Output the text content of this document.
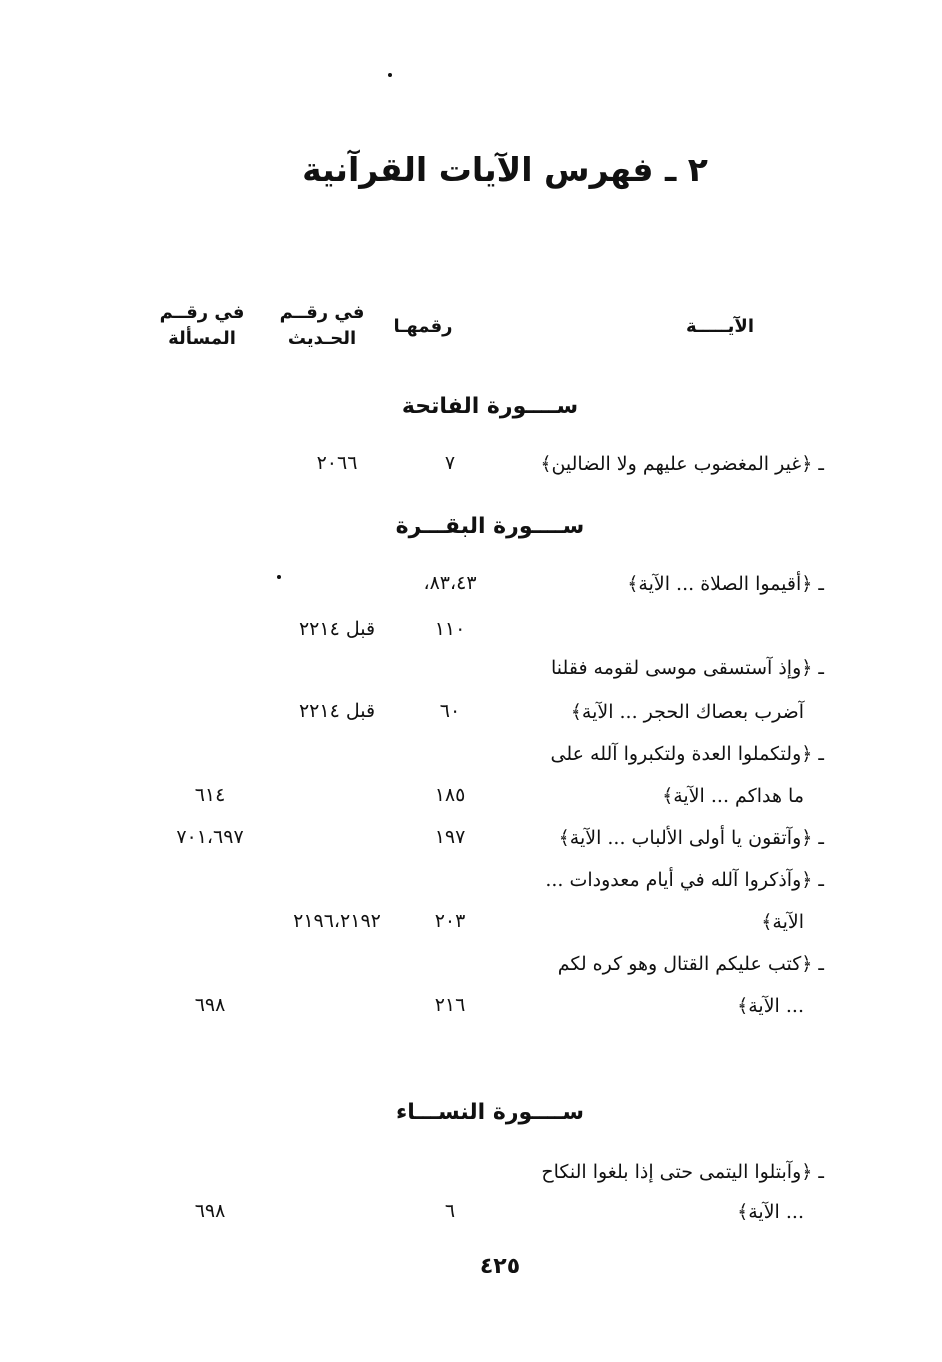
٢ ـ فهرس الآيات القرآنية
الآيـــــة
رقمهـا
في رقــم الحـديث
في رقــم المسألة
ســــورة الفاتحة
ـ ﴿غير المغضوب عليهم ولا الضالين﴾
٧
٢٠٦٦
ســــورة البقـــرة
ـ ﴿أقيموا الصلاة ... الآية﴾
٨٣،٤٣،
١١٠
قبل ٢٢١٤
ـ ﴿وإذ آستسقى موسى لقومه فقلنا
آضرب بعصاك الحجر ... الآية﴾
٦٠
قبل ٢٢١٤
ـ ﴿ولتكملوا العدة ولتكبروا آلله على
ما هداكم ... الآية﴾
١٨٥
٦١٤
ـ ﴿وآتقون يا أولى الألباب ... الآية﴾
١٩٧
٧٠١،٦٩٧
ـ ﴿وآذكروا آلله في أيام معدودات ...
الآية﴾
٢٠٣
٢١٩٦،٢١٩٢
ـ ﴿كتب عليكم القتال وهو كره لكم
... الآية﴾
٢١٦
٦٩٨
ســــورة النســـاء
ـ ﴿وآبتلوا اليتمى حتى إذا بلغوا النكاح
... الآية﴾
٦
٦٩٨
٤٢٥
